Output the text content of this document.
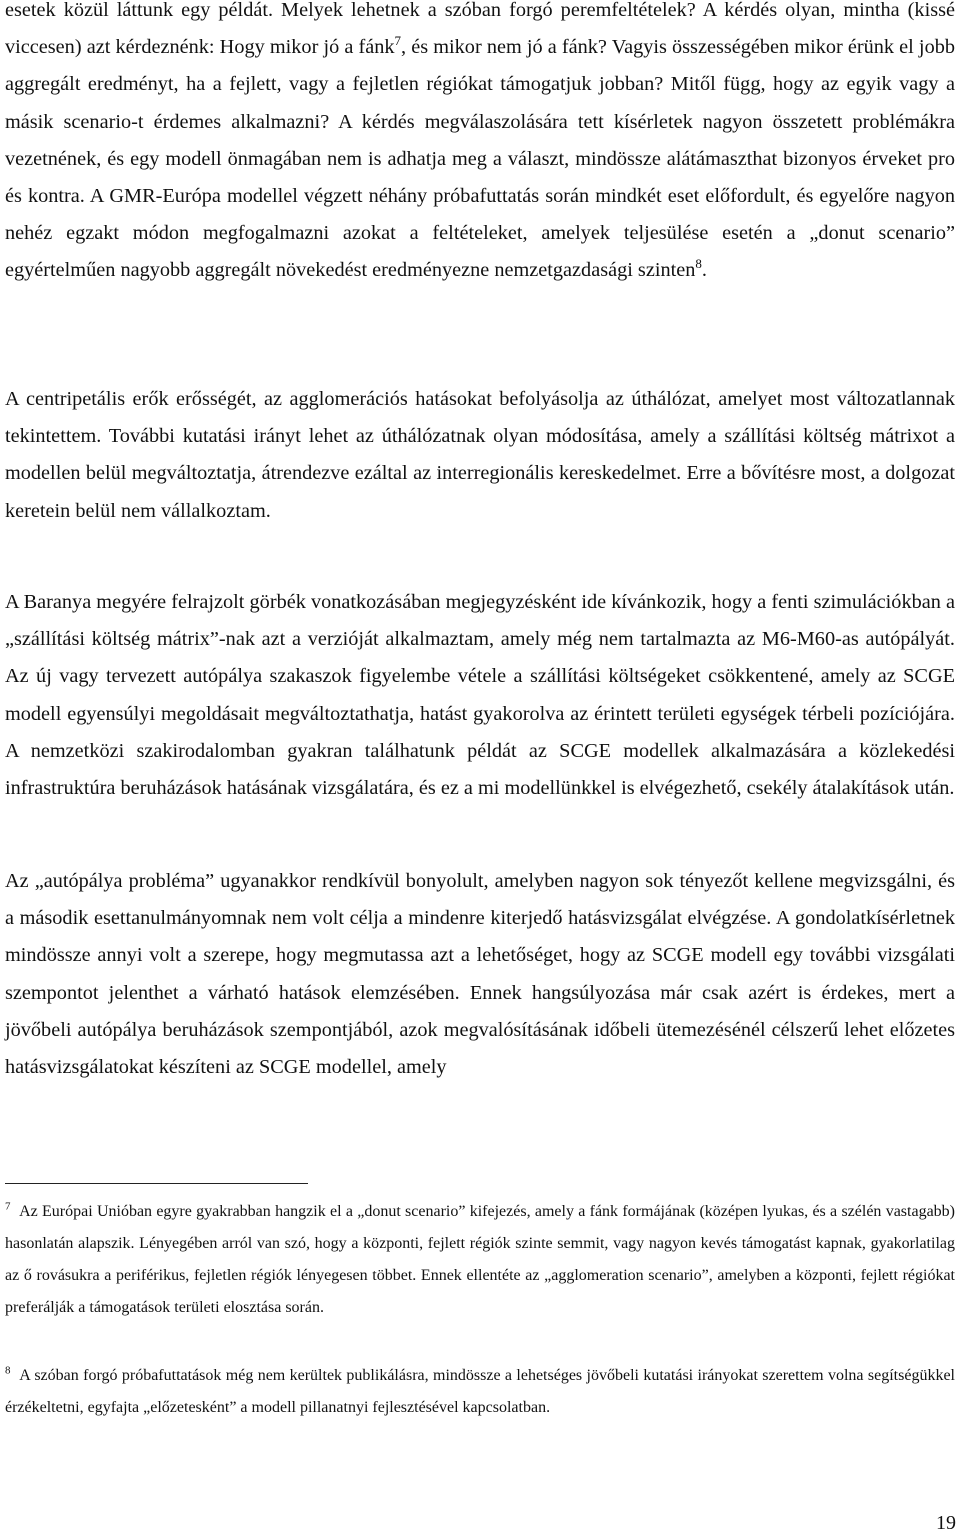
esetek közül láttunk egy példát. Melyek lehetnek a szóban forgó peremfeltételek? A kérdés olyan, mintha (kissé viccesen) azt kérdeznénk: Hogy mikor jó a fánk$^7$, és mikor nem jó a fánk? Vagyis összességében mikor érünk el jobb aggregált eredményt, ha a fejlett, vagy a fejletlen régiókat támogatjuk jobban? Mitől függ, hogy az egyik vagy a másik scenario-t érdemes alkalmazni? A kérdés megválaszolására tett kísérletek nagyon összetett problémákra vezetnének, és egy modell önmagában nem is adhatja meg a választ, mindössze alátámaszthat bizonyos érveket pro és kontra. A GMR-Európa modellel végzett néhány próbafuttatás során mindkét eset előfordult, és egyelőre nagyon nehéz egzakt módon megfogalmazni azokat a feltételeket, amelyek teljesülése esetén a „donut scenario” egyértelműen nagyobb aggregált növekedést eredményezne nemzetgazdasági szinten$^8$.

A centripetális erők erősségét, az agglomerációs hatásokat befolyásolja az úthálózat, amelyet most változatlannak tekintettem. További kutatási irányt lehet az úthálózatnak olyan módosítása, amely a szállítási költség mátrixot a modellen belül megváltoztatja, átrendezve ezáltal az interregionális kereskedelmet. Erre a bővítésre most, a dolgozat keretein belül nem vállalkoztam.

A Baranya megyére felrajzolt görbék vonatkozásában megjegyzésként ide kívánkozik, hogy a fenti szimulációkban a „szállítási költség mátrix”-nak azt a verzióját alkalmaztam, amely még nem tartalmazta az M6-M60-as autópályát. Az új vagy tervezett autópálya szakaszok figyelembe vétele a szállítási költségeket csökkentené, amely az SCGE modell egyensúlyi megoldásait megváltoztathatja, hatást gyakorolva az érintett területi egységek térbeli pozíciójára. A nemzetközi szakirodalomban gyakran találhatunk példát az SCGE modellek alkalmazására a közlekedési infrastruktúra beruházások hatásának vizsgálatára, és ez a mi modellünkkel is elvégezhető, csekély átalakítások után.

Az „autópálya probléma” ugyanakkor rendkívül bonyolult, amelyben nagyon sok tényezőt kellene megvizsgálni, és a második esettanulmányomnak nem volt célja a mindenre kiterjedő hatásvizsgálat elvégzése. A gondolatkísérletnek mindössze annyi volt a szerepe, hogy megmutassa azt a lehetőséget, hogy az SCGE modell egy további vizsgálati szempontot jelenthet a várható hatások elemzésében. Ennek hangsúlyozása már csak azért is érdekes, mert a jövőbeli autópálya beruházások szempontjából, azok megvalósításának időbeli ütemezésénél célszerű lehet előzetes hatásvizsgálatokat készíteni az SCGE modellel, amely

$^7$ Az Európai Unióban egyre gyakrabban hangzik el a „donut scenario” kifejezés, amely a fánk formájának (középen lyukas, és a szélén vastagabb) hasonlatán alapszik. Lényegében arról van szó, hogy a központi, fejlett régiók szinte semmit, vagy nagyon kevés támogatást kapnak, gyakorlatilag az ő rovásukra a periférikus, fejletlen régiók lényegesen többet. Ennek ellentéte az „agglomeration scenario”, amelyben a központi, fejlett régiókat preferálják a támogatások területi elosztása során.

$^8$ A szóban forgó próbafuttatások még nem kerültek publikálásra, mindössze a lehetséges jövőbeli kutatási irányokat szerettem volna segítségükkel érzékeltetni, egyfajta „előzetesként” a modell pillanatnyi fejlesztésével kapcsolatban.

19
